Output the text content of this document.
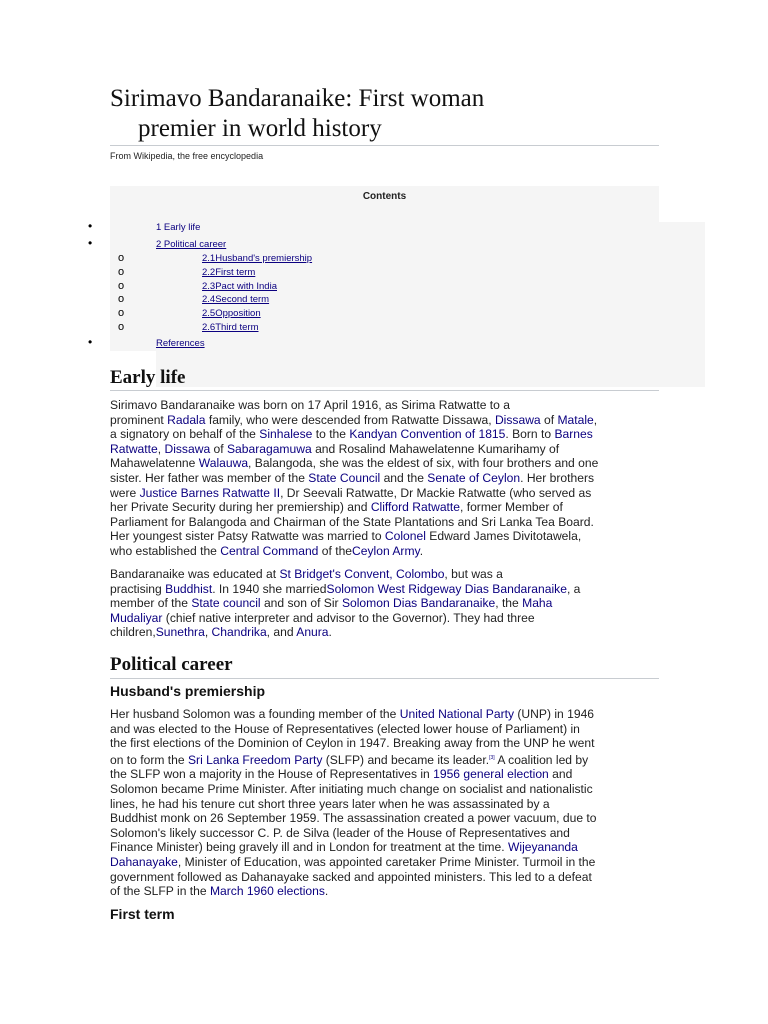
Sirimavo Bandaranaike: First woman
premier in world history
From Wikipedia, the free encyclopedia
Contents
•	1 Early life
•	2 Political career
o	2.1Husband's premiership
o	2.2First term
o	2.3Pact with India
o	2.4Second term
o	2.5Opposition
o	2.6Third term
•	References
Early life
Sirimavo Bandaranaike was born on 17 April 1916, as Sirima Ratwatte to a
prominent Radala family, who were descended from Ratwatte Dissawa, Dissawa of Matale,
a signatory on behalf of the Sinhalese to the Kandyan Convention of 1815. Born to Barnes
Ratwatte, Dissawa of Sabaragamuwa and Rosalind Mahawelatenne Kumarihamy of
Mahawelatenne Walauwa, Balangoda, she was the eldest of six, with four brothers and one
sister. Her father was member of the State Council and the Senate of Ceylon. Her brothers
were Justice Barnes Ratwatte II, Dr Seevali Ratwatte, Dr Mackie Ratwatte (who served as
her Private Security during her premiership) and Clifford Ratwatte, former Member of
Parliament for Balangoda and Chairman of the State Plantations and Sri Lanka Tea Board.
Her youngest sister Patsy Ratwatte was married to Colonel Edward James Divitotawela,
who established the Central Command of theCeylon Army.
Bandaranaike was educated at St Bridget's Convent, Colombo, but was a
practising Buddhist. In 1940 she marriedSolomon West Ridgeway Dias Bandaranaike, a
member of the State council and son of Sir Solomon Dias Bandaranaike, the Maha
Mudaliyar (chief native interpreter and advisor to the Governor). They had three
children,Sunethra, Chandrika, and Anura.
Political career
Husband's premiership
Her husband Solomon was a founding member of the United National Party (UNP) in 1946
and was elected to the House of Representatives (elected lower house of Parliament) in
the first elections of the Dominion of Ceylon in 1947. Breaking away from the UNP he went
on to form the Sri Lanka Freedom Party (SLFP) and became its leader.[3] A coalition led by
the SLFP won a majority in the House of Representatives in 1956 general election and
Solomon became Prime Minister. After initiating much change on socialist and nationalistic
lines, he had his tenure cut short three years later when he was assassinated by a
Buddhist monk on 26 September 1959. The assassination created a power vacuum, due to
Solomon's likely successor C. P. de Silva (leader of the House of Representatives and
Finance Minister) being gravely ill and in London for treatment at the time. Wijeyananda
Dahanayake, Minister of Education, was appointed caretaker Prime Minister. Turmoil in the
government followed as Dahanayake sacked and appointed ministers. This led to a defeat
of the SLFP in the March 1960 elections.
First term
